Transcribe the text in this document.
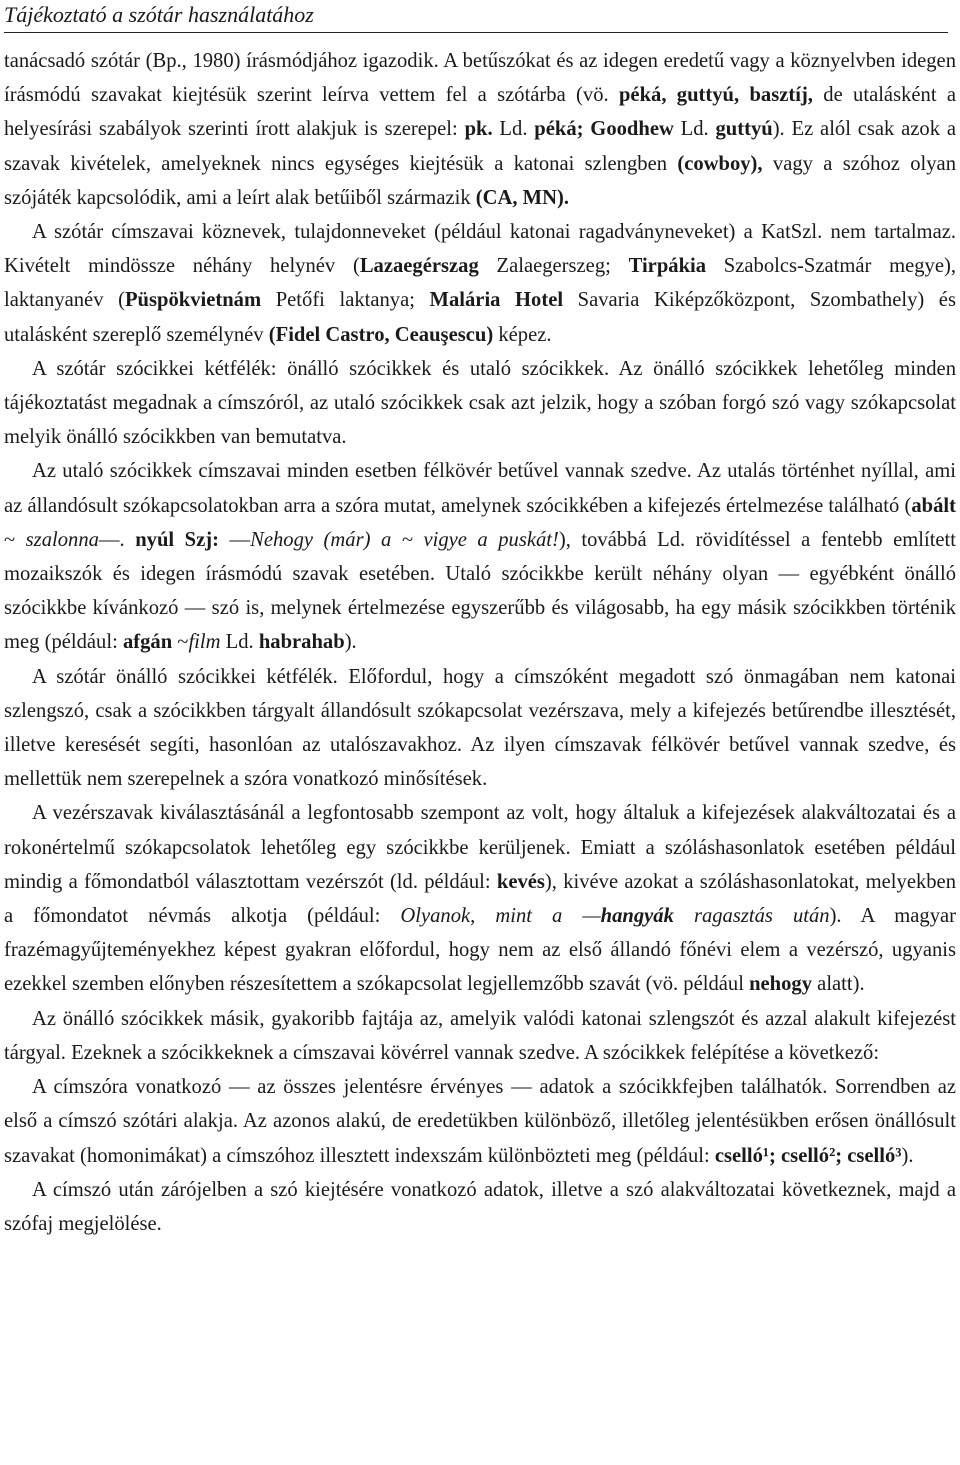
Tájékoztató a szótár használatához

tanácsadó szótár (Bp., 1980) írásmódjához igazodik. A betűszókat és az idegen eredetű vagy a köznyelvben idegen írásmódú szavakat kiejtésük szerint leírva vettem fel a szótárba (vö. péká, guttyú, basztíj, de utalásként a helyesírási szabályok szerinti írott alakjuk is szerepel: pk. Ld. péká; Goodhew Ld. guttyú). Ez alól csak azok a szavak kivételek, amelyeknek nincs egységes kiejtésük a katonai szlengben (cowboy), vagy a szóhoz olyan szójáték kapcsolódik, ami a leírt alak betűiből származik (CA, MN).

A szótár címszavai köznevek, tulajdonneveket (például katonai ragadványneveket) a KatSzl. nem tartalmaz. Kivételt mindössze néhány helynév (Lazaegérszag Zalaegerszeg; Tirpákia Szabolcs-Szatmár megye), laktanyanév (Püspökvietnám Petőfi laktanya; Malária Hotel Savaria Kiképzőközpont, Szombathely) és utalásként szereplő személynév (Fidel Castro, Ceauşescu) képez.

A szótár szócikkei kétfélék: önálló szócikkek és utaló szócikkek. Az önálló szócikkek lehetőleg minden tájékoztatást megadnak a címszóról, az utaló szócikkek csak azt jelzik, hogy a szóban forgó szó vagy szókapcsolat melyik önálló szócikkben van bemutatva.

Az utaló szócikkek címszavai minden esetben félkövér betűvel vannak szedve. Az utalás történhet nyíllal, ami az állandósult szókapcsolatokban arra a szóra mutat, amelynek szócikkében a kifejezés értelmezése található (abált ~ szalonna—. nyúl Szj: —Nehogy (már) a ~ vigye a puskát!), továbbá Ld. rövidítéssel a fentebb említett mozaikszók és idegen írásmódú szavak esetében. Utaló szócikkbe került néhány olyan — egyébként önálló szócikkbe kívánkozó — szó is, melynek értelmezése egyszerűbb és világosabb, ha egy másik szócikkben történik meg (például: afgán ~film Ld. habrahab).

A szótár önálló szócikkei kétfélék. Előfordul, hogy a címszóként megadott szó önmagában nem katonai szlengszó, csak a szócikkben tárgyalt állandósult szókapcsolat vezérszava, mely a kifejezés betűrendbe illesztését, illetve keresését segíti, hasonlóan az utalószavakhoz. Az ilyen címszavak félkövér betűvel vannak szedve, és mellettük nem szerepelnek a szóra vonatkozó minősítések.

A vezérszavak kiválasztásánál a legfontosabb szempont az volt, hogy általuk a kifejezések alakváltozatai és a rokonértelmű szókapcsolatok lehetőleg egy szócikkbe kerüljenek. Emiatt a szóláshasonlatok esetében például mindig a főmondatból választottam vezérszót (ld. például: kevés), kivéve azokat a szóláshasonlatokat, melyekben a főmondatot névmás alkotja (például: Olyanok, mint a —hangyák ragasztás után). A magyar frazémagyűjteményekhez képest gyakran előfordul, hogy nem az első állandó főnévi elem a vezérszó, ugyanis ezekkel szemben előnyben részesítettem a szókapcsolat legjellemzőbb szavát (vö. például nehogy alatt).

Az önálló szócikkek másik, gyakoribb fajtája az, amelyik valódi katonai szlengszót és azzal alakult kifejezést tárgyal. Ezeknek a szócikkeknek a címszavai kövérrel vannak szedve. A szócikkek felépítése a következő:

A címszóra vonatkozó — az összes jelentésre érvényes — adatok a szócikkfejben találhatók. Sorrendben az első a címszó szótári alakja. Az azonos alakú, de eredetükben különböző, illetőleg jelentésükben erősen önállósult szavakat (homonimákat) a címszóhoz illesztett indexszám különbözteti meg (például: cselló¹; cselló²; cselló³).

A címszó után zárójelben a szó kiejtésére vonatkozó adatok, illetve a szó alakváltozatai következnek, majd a szófaj megjelölése.
